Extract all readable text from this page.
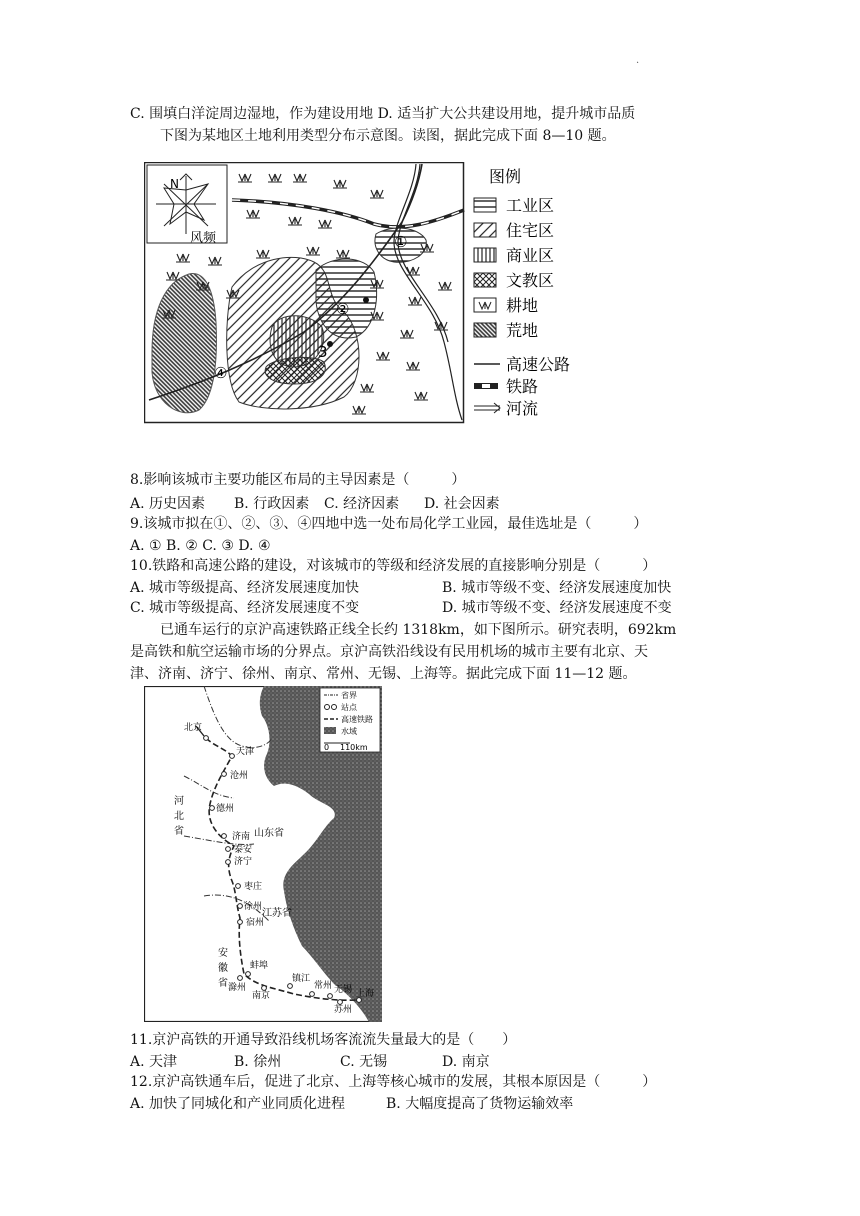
·
C. 围填白洋淀周边湿地，作为建设用地 D. 适当扩大公共建设用地，提升城市品质
下图为某地区土地利用类型分布示意图。读图，据此完成下面 8—10 题。
N
风频	①
②
3
④
图例
工业区
住宅区
商业区
文教区
耕地
荒地
高速公路
铁路
河流
8.影响该城市主要功能区布局的主导因素是（　　　）
A. 历史因素 B. 行政因素 C. 经济因素 D. 社会因素
9.该城市拟在①、②、③、④四地中选一处布局化学工业园，最佳选址是（　　　）
A. ① B. ② C. ③ D. ④
10.铁路和高速公路的建设，对该城市的等级和经济发展的直接影响分别是（　　　）
A. 城市等级提高、经济发展速度加快	B. 城市等级不变、经济发展速度加快
C. 城市等级提高、经济发展速度不变	D. 城市等级不变、经济发展速度不变
已通车运行的京沪高速铁路正线全长约 1318km，如下图所示。研究表明，692km
是高铁和航空运输市场的分界点。京沪高铁沿线设有民用机场的城市主要有北京、天
津、济南、济宁、徐州、南京、常州、无锡、上海等。据此完成下面 11—12 题。
北京
天津
沧州
德州
济南
泰安
济宁
枣庄
徐州
宿州
蚌埠
滁州
南京
镇江
常州 无锡
苏州
上海
河
北
省	山东省
江苏省
安
徽
省
省界
站点
高速铁路
水域
0 110km
11.京沪高铁的开通导致沿线机场客流流失量最大的是（　　）
A. 天津	B. 徐州	C. 无锡	D. 南京
12.京沪高铁通车后，促进了北京、上海等核心城市的发展，其根本原因是（　　　）
A. 加快了同城化和产业同质化进程	B. 大幅度提高了货物运输效率
